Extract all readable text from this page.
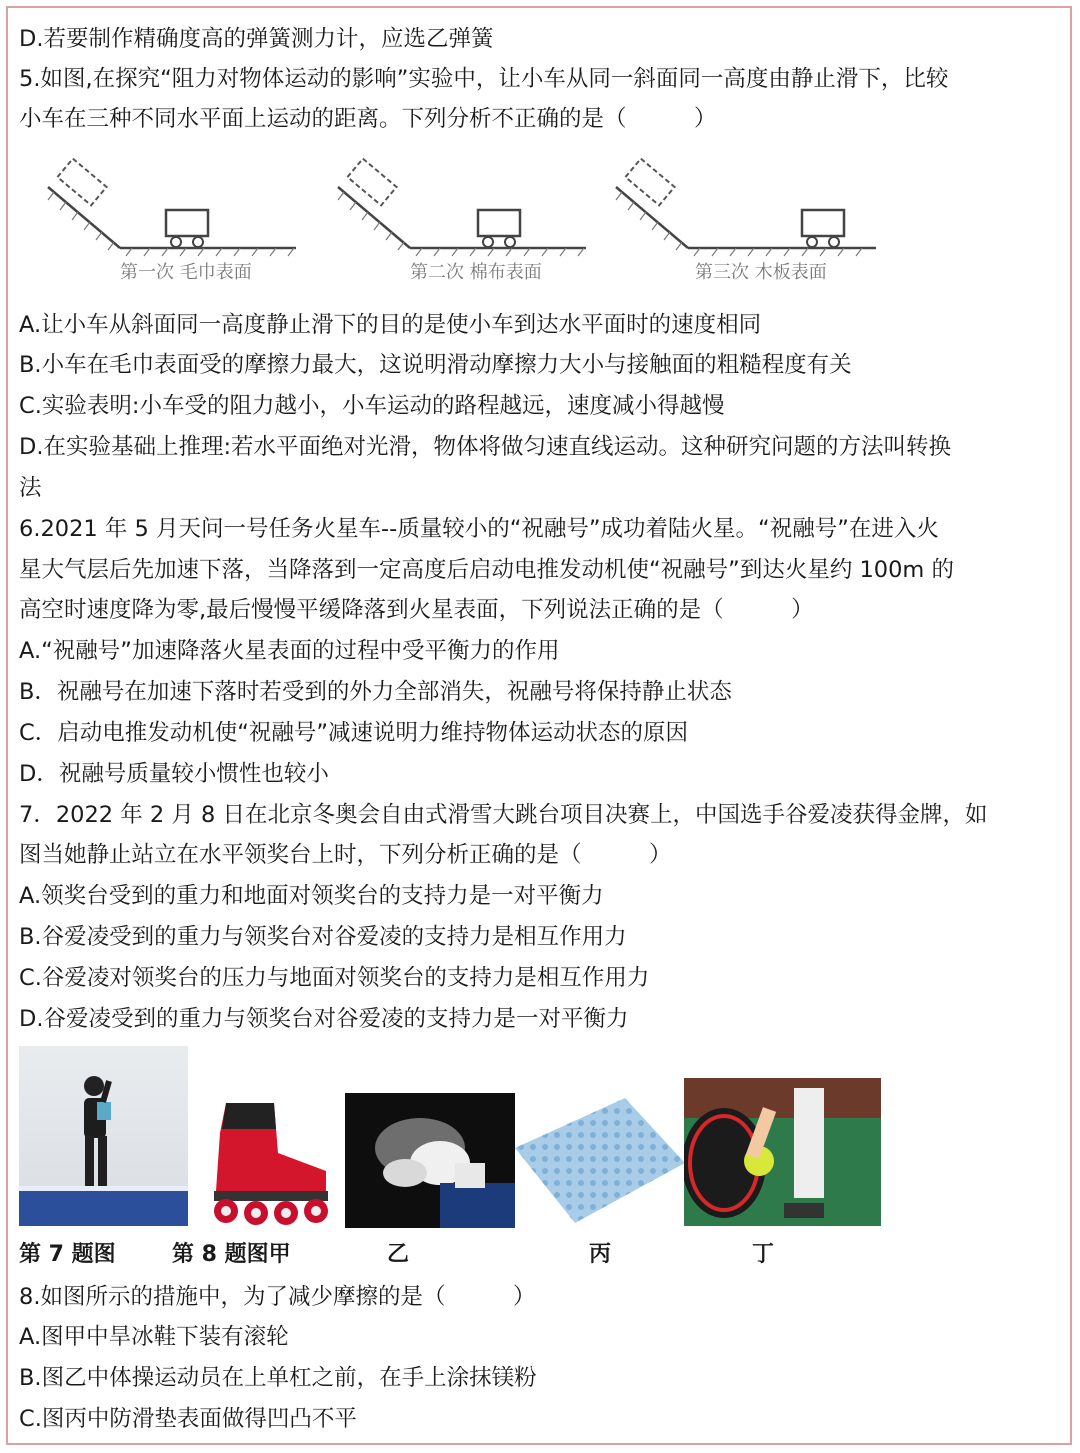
D.若要制作精确度高的弹簧测力计，应选乙弹簧
5.如图,在探究“阻力对物体运动的影响”实验中，让小车从同一斜面同一高度由静止滑下，比较
小车在三种不同水平面上运动的距离。下列分析不正确的是（　　　）
第一次 毛巾表面	第二次 棉布表面	第三次 木板表面
A.让小车从斜面同一高度静止滑下的目的是使小车到达水平面时的速度相同
B.小车在毛巾表面受的摩擦力最大，这说明滑动摩擦力大小与接触面的粗糙程度有关
C.实验表明:小车受的阻力越小，小车运动的路程越远，速度减小得越慢
D.在实验基础上推理:若水平面绝对光滑，物体将做匀速直线运动。这种研究问题的方法叫转换
法
6.2021 年 5 月天问一号任务火星车--质量较小的“祝融号”成功着陆火星。“祝融号”在进入火
星大气层后先加速下落，当降落到一定高度后启动电推发动机使“祝融号”到达火星约 100m 的
高空时速度降为零,最后慢慢平缓降落到火星表面，下列说法正确的是（　　　）
A.“祝融号”加速降落火星表面的过程中受平衡力的作用
B．祝融号在加速下落时若受到的外力全部消失，祝融号将保持静止状态
C．启动电推发动机使“祝融号”减速说明力维持物体运动状态的原因
D．祝融号质量较小惯性也较小
7．2022 年 2 月 8 日在北京冬奥会自由式滑雪大跳台项目决赛上，中国选手谷爱凌获得金牌，如
图当她静止站立在水平领奖台上时，下列分析正确的是（　　　）
A.领奖台受到的重力和地面对领奖台的支持力是一对平衡力
B.谷爱凌受到的重力与领奖台对谷爱凌的支持力是相互作用力
C.谷爱凌对领奖台的压力与地面对领奖台的支持力是相互作用力
D.谷爱凌受到的重力与领奖台对谷爱凌的支持力是一对平衡力
第 7 题图	第 8 题图甲	乙	丙	丁
8.如图所示的措施中，为了减少摩擦的是（　　　）
A.图甲中旱冰鞋下装有滚轮
B.图乙中体操运动员在上单杠之前，在手上涂抹镁粉
C.图丙中防滑垫表面做得凹凸不平
